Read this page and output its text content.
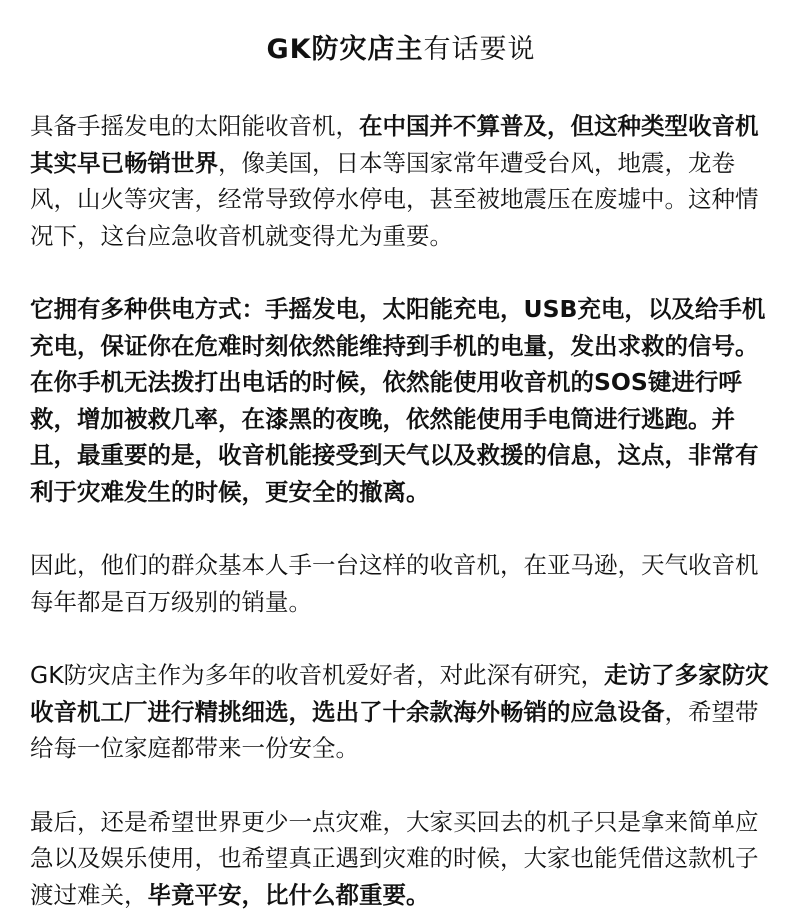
GK防灾店主有话要说

具备手摇发电的太阳能收音机，在中国并不算普及，但这种类型收音机其实早已畅销世界，像美国，日本等国家常年遭受台风，地震，龙卷风，山火等灾害，经常导致停水停电，甚至被地震压在废墟中。这种情况下，这台应急收音机就变得尤为重要。

它拥有多种供电方式：手摇发电，太阳能充电，USB充电，以及给手机充电，保证你在危难时刻依然能维持到手机的电量，发出求救的信号。在你手机无法拨打出电话的时候，依然能使用收音机的SOS键进行呼救，增加被救几率，在漆黑的夜晚，依然能使用手电筒进行逃跑。并且，最重要的是，收音机能接受到天气以及救援的信息，这点，非常有利于灾难发生的时候，更安全的撤离。

因此，他们的群众基本人手一台这样的收音机，在亚马逊，天气收音机每年都是百万级别的销量。

GK防灾店主作为多年的收音机爱好者，对此深有研究，走访了多家防灾收音机工厂进行精挑细选，选出了十余款海外畅销的应急设备，希望带给每一位家庭都带来一份安全。

最后，还是希望世界更少一点灾难，大家买回去的机子只是拿来简单应急以及娱乐使用，也希望真正遇到灾难的时候，大家也能凭借这款机子渡过难关，毕竟平安，比什么都重要。
